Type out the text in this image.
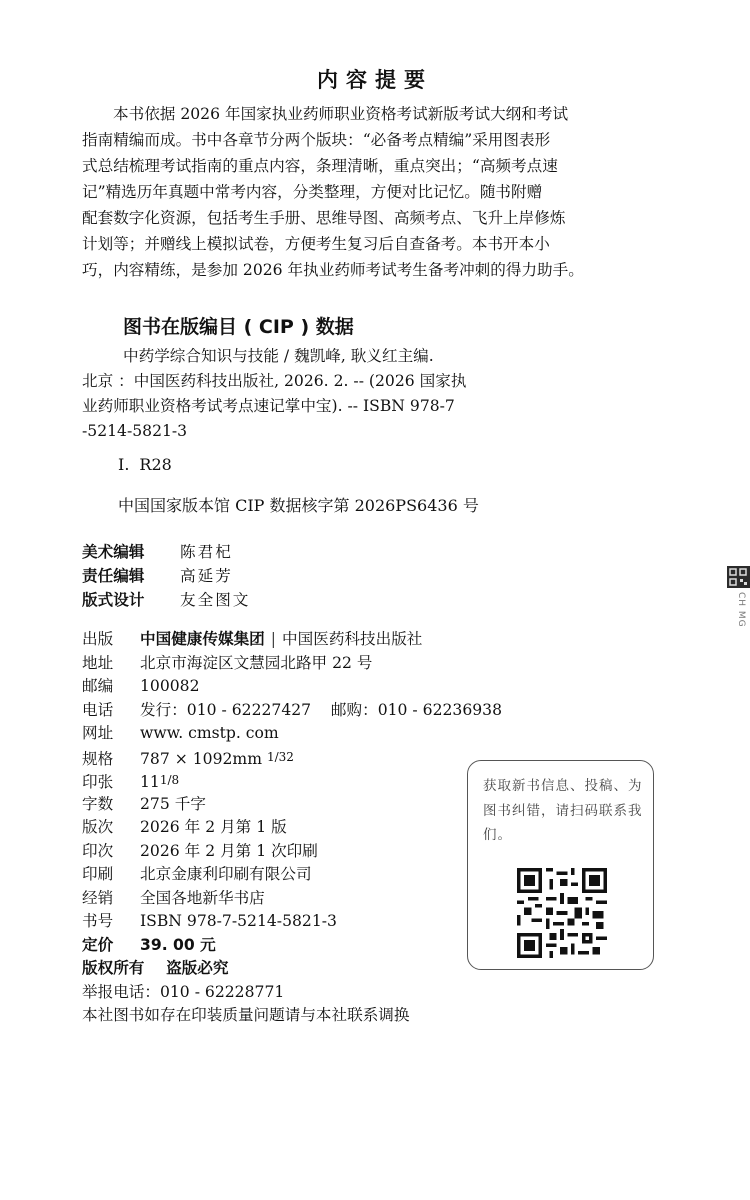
内容提要

本书依据 2026 年国家执业药师职业资格考试新版考试大纲和考试
指南精编而成。书中各章节分两个版块：“必备考点精编”采用图表形
式总结梳理考试指南的重点内容，条理清晰，重点突出；“高频考点速
记”精选历年真题中常考内容，分类整理，方便对比记忆。随书附赠
配套数字化资源，包括考生手册、思维导图、高频考点、飞升上岸修炼
计划等；并赠线上模拟试卷，方便考生复习后自查备考。本书开本小
巧，内容精练，是参加 2026 年执业药师考试考生备考冲刺的得力助手。

图书在版编目 ( CIP ) 数据
中药学综合知识与技能 / 魏凯峰, 耿义红主编.
北京 ：中国医药科技出版社, 2026. 2. -- (2026 国家执
业药师职业资格考试考点速记掌中宝). -- ISBN 978-7
-5214-5821-3
Ⅰ. R28
中国国家版本馆 CIP 数据核字第 2026PS6436 号
美术编辑 陈君杞
责任编辑 高延芳
版式设计 友全图文
出版 中国健康传媒集团 | 中国医药科技出版社
地址 北京市海淀区文慧园北路甲 22 号
邮编 100082
电话 发行：010 - 62227427    邮购：010 - 62236938
网址 www. cmstp. com
规格 787 × 1092mm 1/32
印张 111/8
字数 275 千字
版次 2026 年 2 月第 1 版
印次 2026 年 2 月第 1 次印刷
印刷 北京金康利印刷有限公司
经销 全国各地新华书店
书号 ISBN 978-7-5214-5821-3
定价 39. 00 元
版权所有    盗版必究
举报电话：010 - 62228771
本社图书如存在印装质量问题请与本社联系调换
获取新书信息、投稿、为图书纠错，请扫码联系我们。
CH MG
